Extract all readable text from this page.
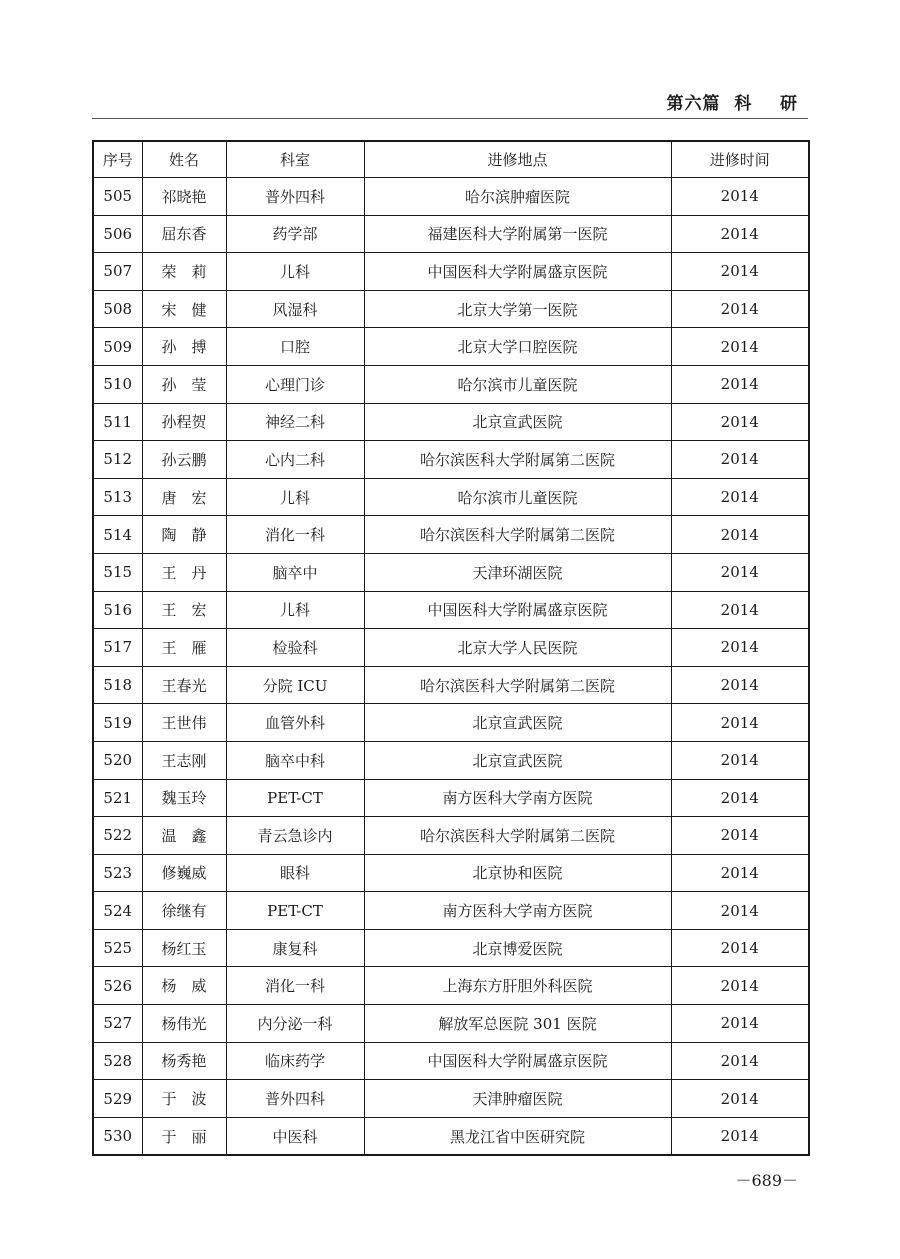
第六篇  科    研
序号	姓名	科室	进修地点	进修时间
505	祁晓艳	普外四科	哈尔滨肿瘤医院	2014
506	屈东香	药学部	福建医科大学附属第一医院	2014
507	荣　莉	儿科	中国医科大学附属盛京医院	2014
508	宋　健	风湿科	北京大学第一医院	2014
509	孙　搏	口腔	北京大学口腔医院	2014
510	孙　莹	心理门诊	哈尔滨市儿童医院	2014
511	孙程贺	神经二科	北京宣武医院	2014
512	孙云鹏	心内二科	哈尔滨医科大学附属第二医院	2014
513	唐　宏	儿科	哈尔滨市儿童医院	2014
514	陶　静	消化一科	哈尔滨医科大学附属第二医院	2014
515	王　丹	脑卒中	天津环湖医院	2014
516	王　宏	儿科	中国医科大学附属盛京医院	2014
517	王　雁	检验科	北京大学人民医院	2014
518	王春光	分院 ICU	哈尔滨医科大学附属第二医院	2014
519	王世伟	血管外科	北京宣武医院	2014
520	王志刚	脑卒中科	北京宣武医院	2014
521	魏玉玲	PET-CT	南方医科大学南方医院	2014
522	温　鑫	青云急诊内	哈尔滨医科大学附属第二医院	2014
523	修巍威	眼科	北京协和医院	2014
524	徐继有	PET-CT	南方医科大学南方医院	2014
525	杨红玉	康复科	北京博爱医院	2014
526	杨　威	消化一科	上海东方肝胆外科医院	2014
527	杨伟光	内分泌一科	解放军总医院 301 医院	2014
528	杨秀艳	临床药学	中国医科大学附属盛京医院	2014
529	于　波	普外四科	天津肿瘤医院	2014
530	于　丽	中医科	黑龙江省中医研究院	2014
－689－
